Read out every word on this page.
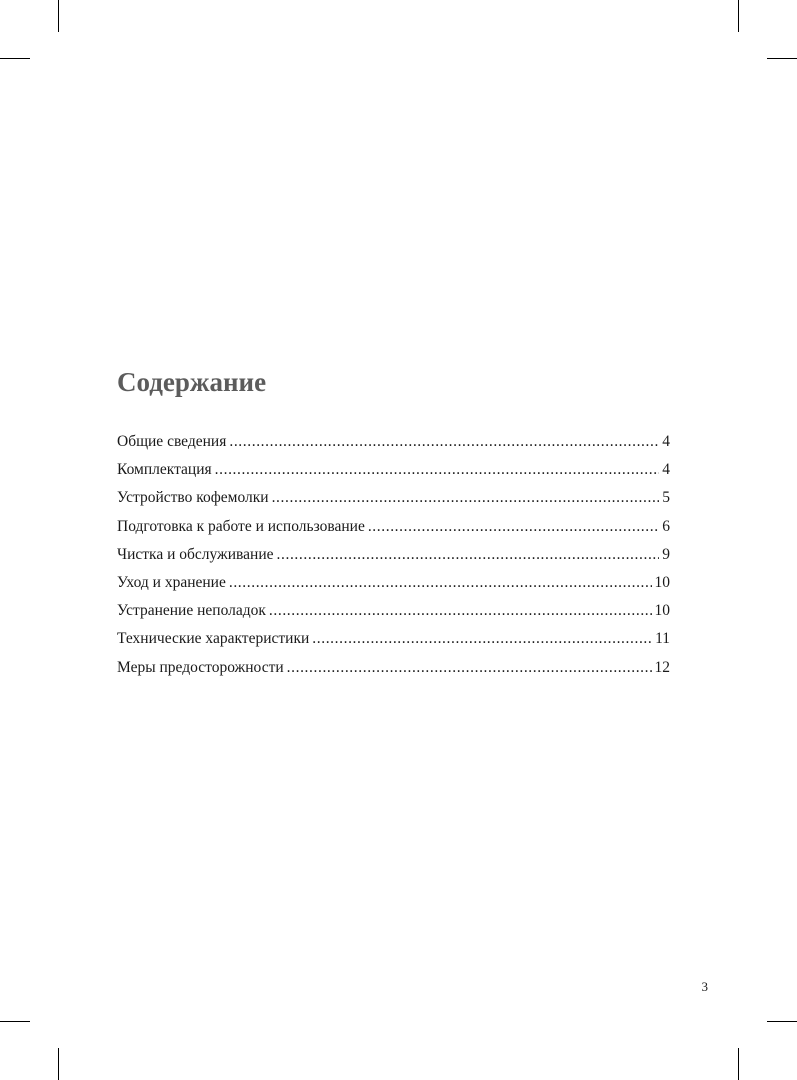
Содержание
Общие сведения .....	4
Комплектация .....	4
Устройство кофемолки .....	5
Подготовка к работе и использование .....	6
Чистка и обслуживание .....	9
Уход и хранение .....	10
Устранение неполадок .....	10
Технические характеристики .....	11
Меры предосторожности .....	12
3
